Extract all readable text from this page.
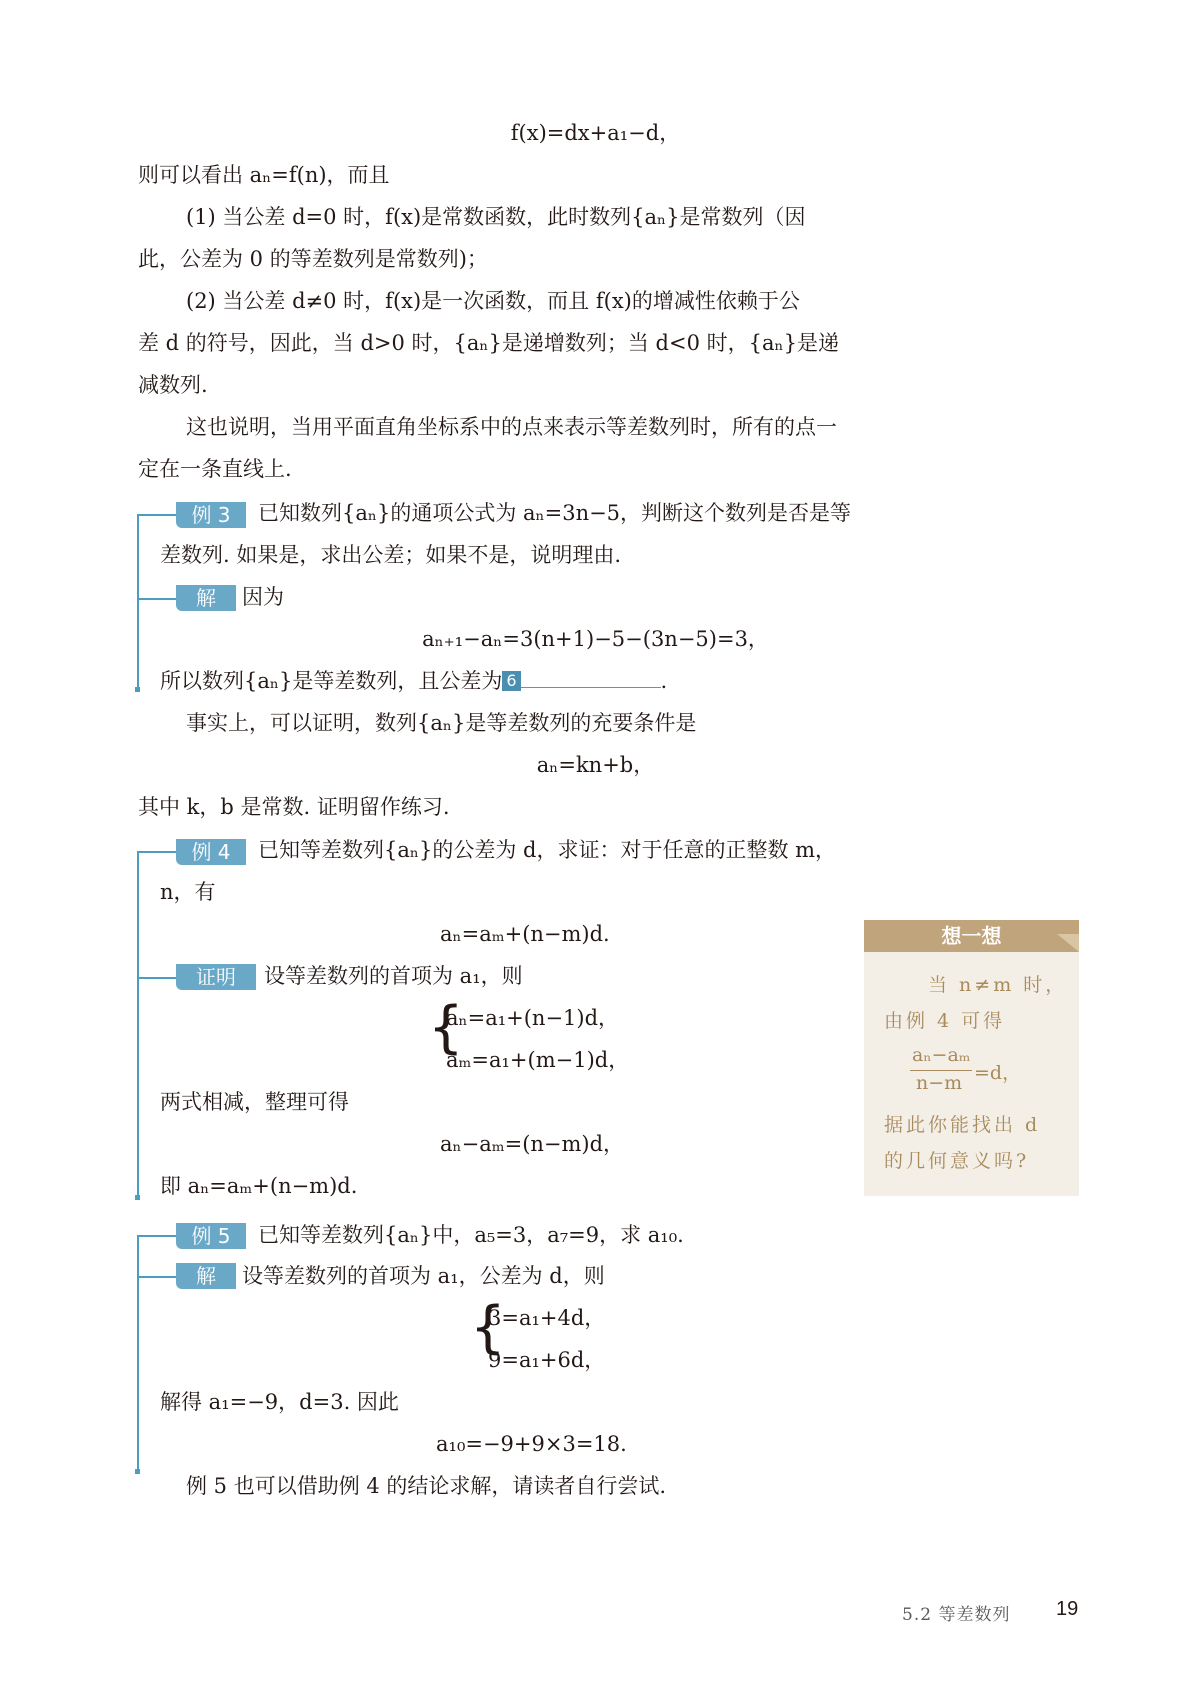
f(x)=dx+a₁−d，
则可以看出 aₙ=f(n)，而且
(1) 当公差 d=0 时，f(x)是常数函数，此时数列{aₙ}是常数列（因
此，公差为 0 的等差数列是常数列)；
(2) 当公差 d≠0 时，f(x)是一次函数，而且 f(x)的增减性依赖于公
差 d 的符号，因此，当 d>0 时，{aₙ}是递增数列；当 d<0 时，{aₙ}是递
减数列.
这也说明，当用平面直角坐标系中的点来表示等差数列时，所有的点一
定在一条直线上.
例 3	已知数列{aₙ}的通项公式为 aₙ=3n−5，判断这个数列是否是等
差数列. 如果是，求出公差；如果不是，说明理由.
解	因为
aₙ₊₁−aₙ=3(n+1)−5−(3n−5)=3，
所以数列{aₙ}是等差数列，且公差为 6	.
事实上，可以证明，数列{aₙ}是等差数列的充要条件是
aₙ=kn+b，
其中 k，b 是常数. 证明留作练习.
例 4	已知等差数列{aₙ}的公差为 d，求证：对于任意的正整数 m，
n，有
aₙ=aₘ+(n−m)d.
证明	设等差数列的首项为 a₁，则
{
aₙ=a₁+(n−1)d，
aₘ=a₁+(m−1)d，
两式相减，整理可得
aₙ−aₘ=(n−m)d，
即 aₙ=aₘ+(n−m)d.
例 5	已知等差数列{aₙ}中，a₅=3，a₇=9，求 a₁₀.
解	设等差数列的首项为 a₁，公差为 d，则
{
3=a₁+4d，
9=a₁+6d，
解得 a₁=−9，d=3. 因此
a₁₀=−9+9×3=18.
例 5 也可以借助例 4 的结论求解，请读者自行尝试.
想一想
当 n≠m 时，
由例 4 可得
aₙ−aₘ
n−m =d，
据此你能找出 d
的几何意义吗?
5.2 等差数列 19
